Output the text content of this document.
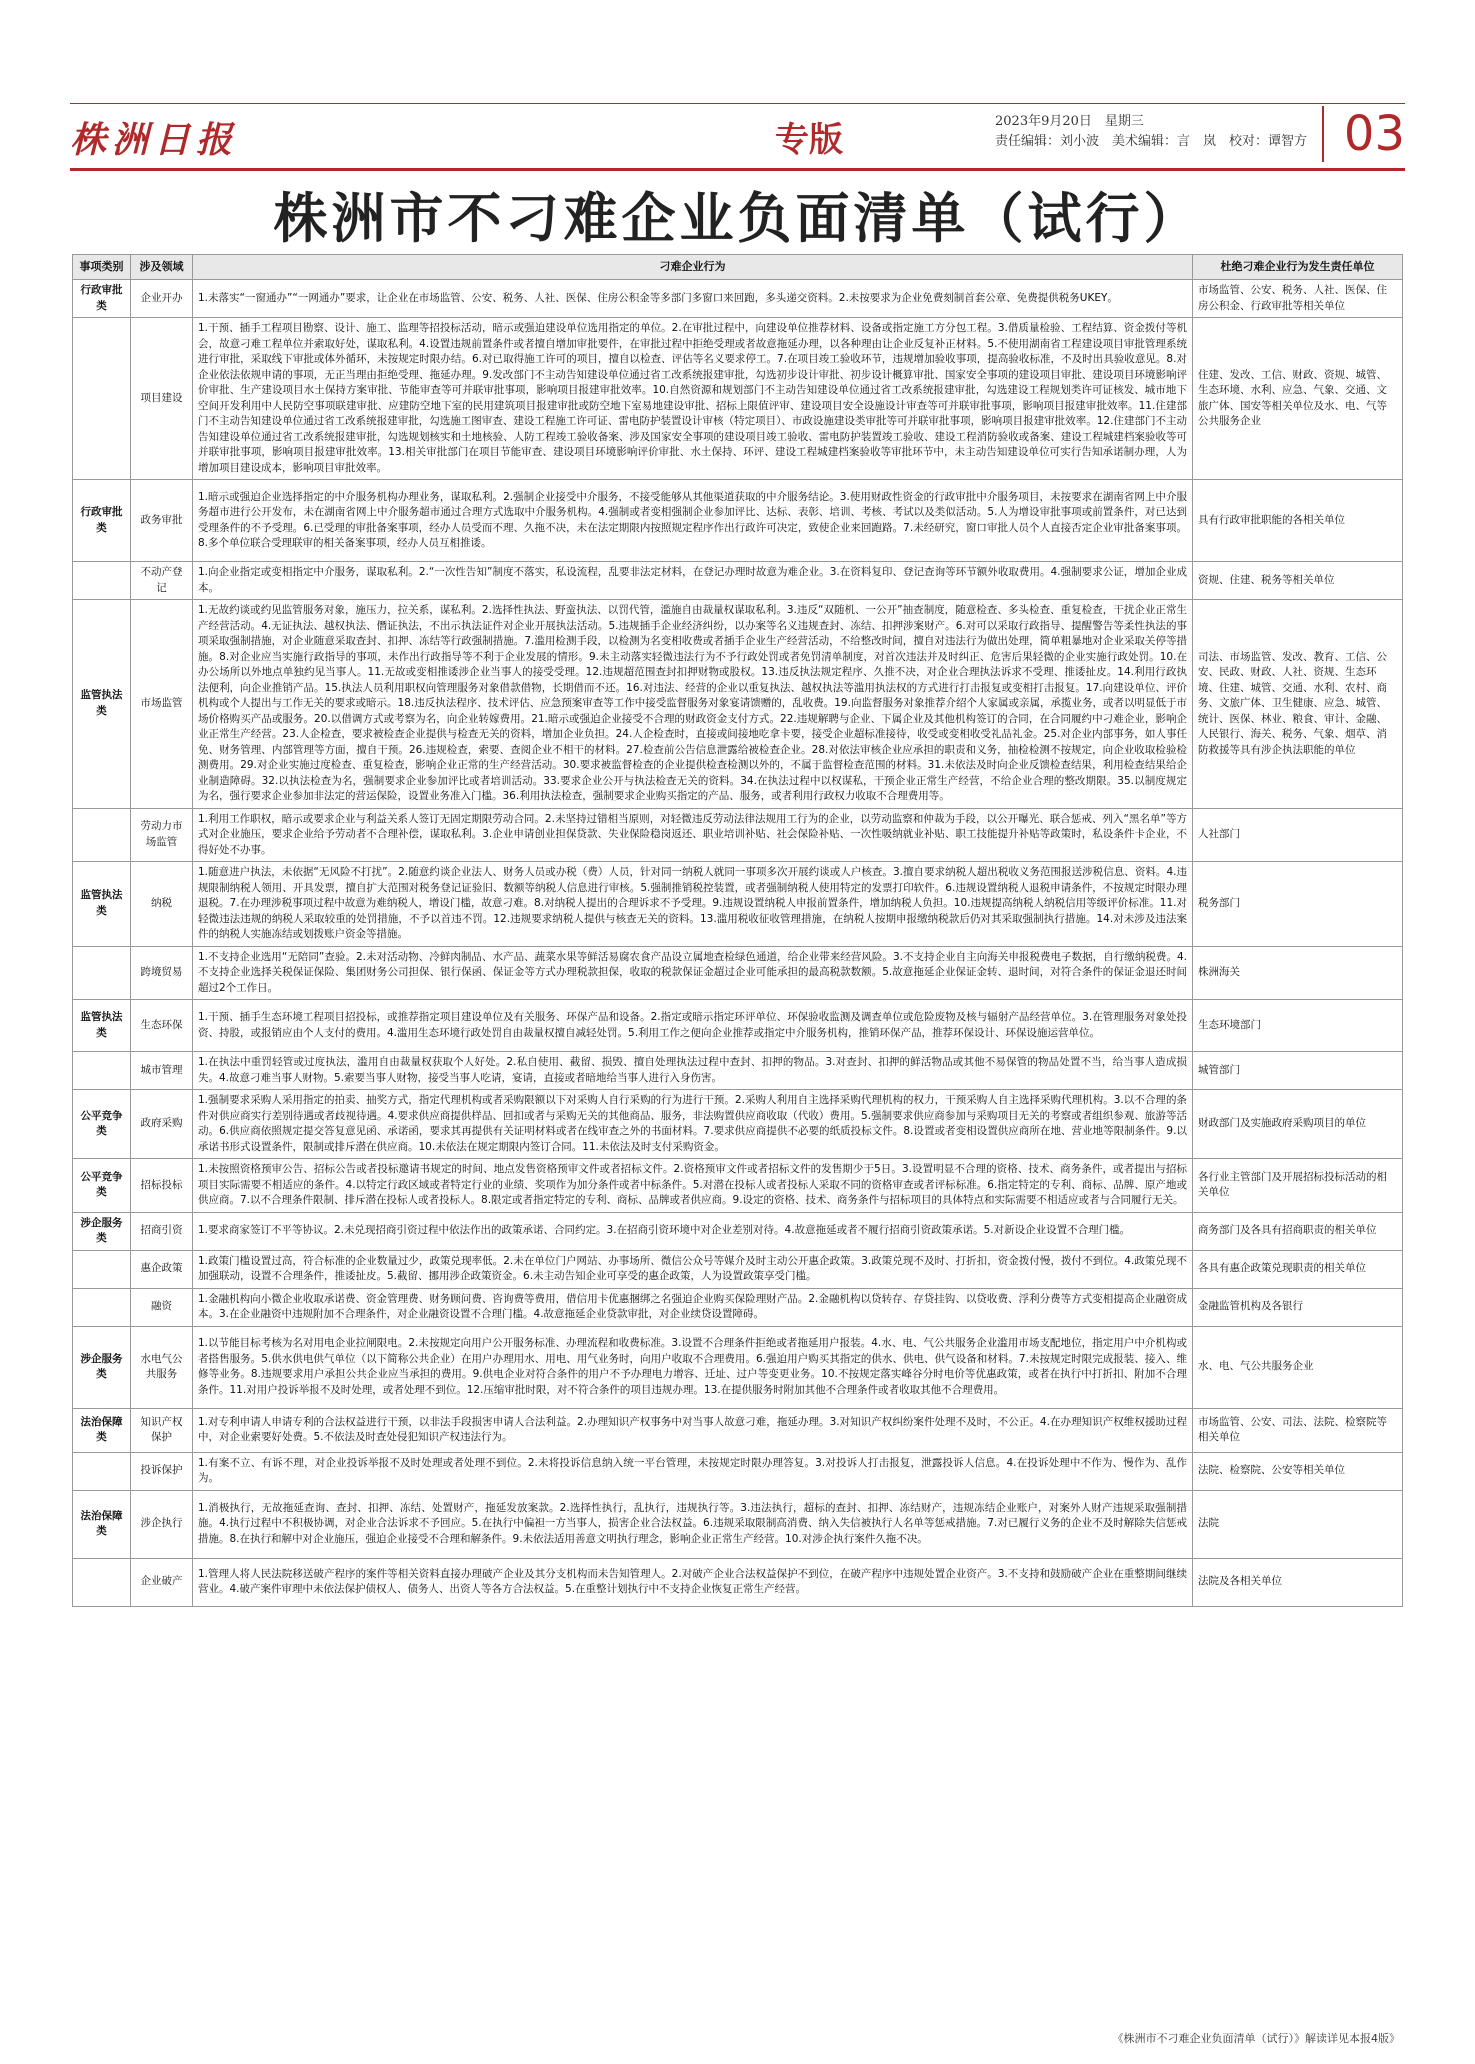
株洲日报	专版	2023年9月20日　星期三
责任编辑：刘小波　美术编辑：言　岚　校对：谭智方 03
株洲市不刁难企业负面清单（试行）
事项类别	涉及领域	刁难企业行为	杜绝刁难企业行为发生责任单位
行政审批类	企业开办	1.未落实“一窗通办”“一网通办”要求，让企业在市场监管、公安、税务、人社、医保、住房公积金等多部门多窗口来回跑，多头递交资料。2.未按要求为企业免费刻制首套公章、免费提供税务UKEY。	市场监管、公安、税务、人社、医保、住房公积金、行政审批等相关单位
	项目建设	1.干预、插手工程项目勘察、设计、施工、监理等招投标活动，暗示或强迫建设单位选用指定的单位。2.在审批过程中，向建设单位推荐材料、设备或指定施工方分包工程。3.借质量检验、工程结算、资金拨付等机会，故意刁难工程单位并索取好处，谋取私利。4.设置违规前置条件或者擅自增加审批要件，在审批过程中拒绝受理或者故意拖延办理，以各种理由让企业反复补正材料。5.不使用湖南省工程建设项目审批管理系统进行审批，采取线下审批或体外循环，未按规定时限办结。6.对已取得施工许可的项目，擅自以检查、评估等名义要求停工。7.在项目竣工验收环节，违规增加验收事项，提高验收标准，不及时出具验收意见。8.对企业依法依规申请的事项，无正当理由拒绝受理、拖延办理。9.发改部门不主动告知建设单位通过省工改系统报建审批，勾选初步设计审批、初步设计概算审批、国家安全事项的建设项目审批、建设项目环境影响评价审批、生产建设项目水土保持方案审批、节能审查等可并联审批事项，影响项目报建审批效率。10.自然资源和规划部门不主动告知建设单位通过省工改系统报建审批，勾选建设工程规划类许可证核发、城市地下空间开发利用中人民防空事项联建审批、应建防空地下室的民用建筑项目报建审批或防空地下室易地建设审批、招标上限值评审、建设项目安全设施设计审查等可并联审批事项，影响项目报建审批效率。11.住建部门不主动告知建设单位通过省工改系统报建审批，勾选施工图审查、建设工程施工许可证、雷电防护装置设计审核（特定项目）、市政设施建设类审批等可并联审批事项，影响项目报建审批效率。12.住建部门不主动告知建设单位通过省工改系统报建审批，勾选规划核实和土地核验、人防工程竣工验收备案、涉及国家安全事项的建设项目竣工验收、雷电防护装置竣工验收、建设工程消防验收或备案、建设工程城建档案验收等可并联审批事项，影响项目报建审批效率。13.相关审批部门在项目节能审查、建设项目环境影响评价审批、水土保持、环评、建设工程城建档案验收等审批环节中，未主动告知建设单位可实行告知承诺制办理，人为增加项目建设成本，影响项目审批效率。	住建、发改、工信、财政、资规、城管、生态环境、水利、应急、气象、交通、文旅广体、国安等相关单位及水、电、气等公共服务企业
行政审批类	政务审批	1.暗示或强迫企业选择指定的中介服务机构办理业务，谋取私利。2.强制企业接受中介服务，不接受能够从其他渠道获取的中介服务结论。3.使用财政性资金的行政审批中介服务项目，未按要求在湖南省网上中介服务超市进行公开发布，未在湖南省网上中介服务超市通过合理方式选取中介服务机构。4.强制或者变相强制企业参加评比、达标、表彰、培训、考核、考试以及类似活动。5.人为增设审批事项或前置条件，对已达到受理条件的不予受理。6.已受理的审批备案事项，经办人员受而不理、久拖不决，未在法定期限内按照规定程序作出行政许可决定，致使企业来回跑路。7.未经研究，窗口审批人员个人直接否定企业审批备案事项。8.多个单位联合受理联审的相关备案事项，经办人员互相推诿。	具有行政审批职能的各相关单位
	不动产登记	1.向企业指定或变相指定中介服务，谋取私利。2.“一次性告知”制度不落实，私设流程，乱要非法定材料，在登记办理时故意为难企业。3.在资料复印、登记查询等环节额外收取费用。4.强制要求公证，增加企业成本。	资规、住建、税务等相关单位
监管执法类	市场监管	1.无故约谈或约见监管服务对象，施压力，拉关系，谋私利。2.选择性执法、野蛮执法、以罚代管，滥施自由裁量权谋取私利。3.违反“双随机、一公开”抽查制度，随意检查、多头检查、重复检查，干扰企业正常生产经营活动。4.无证执法、越权执法、僭证执法，不出示执法证件对企业开展执法活动。5.违规插手企业经济纠纷，以办案等名义违规查封、冻结、扣押涉案财产。6.对可以采取行政指导、提醒警告等柔性执法的事项采取强制措施，对企业随意采取查封、扣押、冻结等行政强制措施。7.滥用检测手段，以检测为名变相收费或者插手企业生产经营活动，不给整改时间，擅自对违法行为做出处理，简单粗暴地对企业采取关停等措施。8.对企业应当实施行政指导的事项，未作出行政指导等不利于企业发展的情形。9.未主动落实轻微违法行为不予行政处罚或者免罚清单制度，对首次违法并及时纠正、危害后果轻微的企业实施行政处罚。10.在办公场所以外地点单独约见当事人。11.无故或变相推诿涉企业当事人的接受受理。12.违规超范围查封扣押财物或股权。13.违反执法规定程序、久推不决，对企业合理执法诉求不受理、推诿扯皮。14.利用行政执法便利，向企业推销产品。15.执法人员利用职权向管理服务对象借款借物，长期借而不还。16.对违法、经营的企业以重复执法、越权执法等滥用执法权的方式进行打击报复或变相打击报复。17.向建设单位、评价机构或个人提出与工作无关的要求或暗示。18.违反执法程序、技术评估、应急预案审查等工作中接受监督服务对象宴请馈赠的，乱收费。19.向监督服务对象推荐介绍个人家属或亲属，承揽业务，或者以明显低于市场价格购买产品或服务。20.以借调方式或考察为名，向企业转嫁费用。21.暗示或强迫企业接受不合理的财政资金支付方式。22.违规解聘与企业、下属企业及其他机构签订的合同，在合同履约中刁难企业，影响企业正常生产经营。23.人企检查，要求被检查企业提供与检查无关的资料，增加企业负担。24.人企检查时，直接或间接地吃拿卡要，接受企业超标准接待，收受或变相收受礼品礼金。25.对企业内部事务，如人事任免、财务管理、内部管理等方面，擅自干预。26.违规检查，索要、查阅企业不相干的材料。27.检查前公告信息泄露给被检查企业。28.对依法审核企业应承担的职责和义务，抽检检测不按规定，向企业收取检验检测费用。29.对企业实施过度检查、重复检查，影响企业正常的生产经营活动。30.要求被监督检查的企业提供检查检测以外的，不属于监督检查范围的材料。31.未依法及时向企业反馈检查结果，利用检查结果给企业制造障碍。32.以执法检查为名，强制要求企业参加评比或者培训活动。33.要求企业公开与执法检查无关的资料。34.在执法过程中以权谋私，干预企业正常生产经营，不给企业合理的整改期限。35.以制度规定为名，强行要求企业参加非法定的营运保险，设置业务准入门槛。36.利用执法检查，强制要求企业购买指定的产品、服务，或者利用行政权力收取不合理费用等。	司法、市场监管、发改、教育、工信、公安、民政、财政、人社、资规、生态环境、住建、城管、交通、水利、农村、商务、文旅广体、卫生健康、应急、城管、统计、医保、林业、粮食、审计、金融、人民银行、海关、税务、气象、烟草、消防救援等具有涉企执法职能的单位
	劳动力市场监管	1.利用工作职权，暗示或要求企业与利益关系人签订无固定期限劳动合同。2.未坚持过错相当原则，对轻微违反劳动法律法规用工行为的企业，以劳动监察和仲裁为手段，以公开曝光、联合惩戒、列入“黑名单”等方式对企业施压，要求企业给予劳动者不合理补偿，谋取私利。3.企业申请创业担保贷款、失业保险稳岗返还、职业培训补贴、社会保险补贴、一次性吸纳就业补贴、职工技能提升补贴等政策时，私设条件卡企业，不得好处不办事。	人社部门
监管执法类	纳税	1.随意进户执法，未依据“无风险不打扰”。2.随意约谈企业法人、财务人员或办税（费）人员，针对同一纳税人就同一事项多次开展约谈或人户核查。3.擅自要求纳税人超出税收义务范围报送涉税信息、资料。4.违规限制纳税人领用、开具发票，擅自扩大范围对税务登记证验旧、数额等纳税人信息进行审核。5.强制推销税控装置，或者强制纳税人使用特定的发票打印软件。6.违规设置纳税人退税申请条件，不按规定时限办理退税。7.在办理涉税事项过程中故意为难纳税人，增设门槛，故意刁难。8.对纳税人提出的合理诉求不予受理。9.违规设置纳税人申报前置条件，增加纳税人负担。10.违规提高纳税人纳税信用等级评价标准。11.对轻微违法违规的纳税人采取较重的处罚措施，不予以首违不罚。12.违规要求纳税人提供与核查无关的资料。13.滥用税收征收管理措施，在纳税人按期申报缴纳税款后仍对其采取强制执行措施。14.对未涉及违法案件的纳税人实施冻结或划拨账户资金等措施。	税务部门
	跨境贸易	1.不支持企业选用“无陪同”查验。2.未对活动物、冷鲜肉制品、水产品、蔬菜水果等鲜活易腐农食产品设立属地查检绿色通道，给企业带来经营风险。3.不支持企业自主向海关申报税费电子数据，自行缴纳税费。4.不支持企业选择关税保证保险、集团财务公司担保、银行保函、保证金等方式办理税款担保，收取的税款保证金超过企业可能承担的最高税款数额。5.故意拖延企业保证金转、退时间，对符合条件的保证金退还时间超过2个工作日。	株洲海关
监管执法类	生态环保	1.干预、插手生态环境工程项目招投标，或推荐指定项目建设单位及有关服务、环保产品和设备。2.指定或暗示指定环评单位、环保验收监测及调查单位或危险废物及核与辐射产品经营单位。3.在管理服务对象处投资、持股，或报销应由个人支付的费用。4.滥用生态环境行政处罚自由裁量权擅自减轻处罚。5.利用工作之便向企业推荐或指定中介服务机构，推销环保产品，推荐环保设计、环保设施运营单位。	生态环境部门
	城市管理	1.在执法中重罚轻管或过度执法，滥用自由裁量权获取个人好处。2.私自使用、截留、损毁、擅自处理执法过程中查封、扣押的物品。3.对查封、扣押的鲜活物品或其他不易保管的物品处置不当，给当事人造成损失。4.故意刁难当事人财物。5.索要当事人财物，接受当事人吃请，宴请，直接或者暗地给当事人进行入身伤害。	城管部门
公平竞争类	政府采购	1.强制要求采购人采用指定的拍卖、抽奖方式，指定代理机构或者采购限额以下对采购人自行采购的行为进行干预。2.采购人利用自主选择采购代理机构的权力，干预采购人自主选择采购代理机构。3.以不合理的条件对供应商实行差别待遇或者歧视待遇。4.要求供应商提供样品、回扣或者与采购无关的其他商品、服务，非法购置供应商收取（代收）费用。5.强制要求供应商参加与采购项目无关的考察或者组织参观、旅游等活动。6.供应商依照规定提交答复意见函、承诺函，要求其再提供有关证明材料或者在线审查之外的书面材料。7.要求供应商提供不必要的纸质投标文件。8.设置或者变相设置供应商所在地、营业地等限制条件。9.以承诺书形式设置条件，限制或排斥潜在供应商。10.未依法在规定期限内签订合同。11.未依法及时支付采购资金。	财政部门及实施政府采购项目的单位
公平竞争类	招标投标	1.未按照资格预审公告、招标公告或者投标邀请书规定的时间、地点发售资格预审文件或者招标文件。2.资格预审文件或者招标文件的发售期少于5日。3.设置明显不合理的资格、技术、商务条件，或者提出与招标项目实际需要不相适应的条件。4.以特定行政区域或者特定行业的业绩、奖项作为加分条件或者中标条件。5.对潜在投标人或者投标人采取不同的资格审查或者评标标准。6.指定特定的专利、商标、品牌、原产地或供应商。7.以不合理条件限制、排斥潜在投标人或者投标人。8.限定或者指定特定的专利、商标、品牌或者供应商。9.设定的资格、技术、商务条件与招标项目的具体特点和实际需要不相适应或者与合同履行无关。	各行业主管部门及开展招标投标活动的相关单位
涉企服务类	招商引资	1.要求商家签订不平等协议。2.未兑现招商引资过程中依法作出的政策承诺、合同约定。3.在招商引资环境中对企业差别对待。4.故意拖延或者不履行招商引资政策承诺。5.对新设企业设置不合理门槛。	商务部门及各具有招商职责的相关单位
	惠企政策	1.政策门槛设置过高，符合标准的企业数量过少，政策兑现率低。2.未在单位门户网站、办事场所、微信公众号等媒介及时主动公开惠企政策。3.政策兑现不及时、打折扣，资金拨付慢，拨付不到位。4.政策兑现不加强联动，设置不合理条件，推诿扯皮。5.截留、挪用涉企政策资金。6.未主动告知企业可享受的惠企政策，人为设置政策享受门槛。	各具有惠企政策兑现职责的相关单位
	融资	1.金融机构向小微企业收取承诺费、资金管理费、财务顾问费、咨询费等费用，借信用卡优惠捆绑之名强迫企业购买保险理财产品。2.金融机构以贷转存、存贷挂钩、以贷收费、浮利分费等方式变相提高企业融资成本。3.在企业融资中违规附加不合理条件，对企业融资设置不合理门槛。4.故意拖延企业贷款审批，对企业续贷设置障碍。	金融监管机构及各银行
涉企服务类	水电气公共服务	1.以节能目标考核为名对用电企业拉闸限电。2.未按规定向用户公开服务标准、办理流程和收费标准。3.设置不合理条件拒绝或者拖延用户报装。4.水、电、气公共服务企业滥用市场支配地位，指定用户中介机构或者搭售服务。5.供水供电供气单位（以下简称公共企业）在用户办理用水、用电、用气业务时，向用户收取不合理费用。6.强迫用户购买其指定的供水、供电、供气设备和材料。7.未按规定时限完成报装、接入、维修等业务。8.违规要求用户承担公共企业应当承担的费用。9.供电企业对符合条件的用户不予办理电力增容、迁址、过户等变更业务。10.不按规定落实峰谷分时电价等优惠政策，或者在执行中打折扣、附加不合理条件。11.对用户投诉举报不及时处理，或者处理不到位。12.压缩审批时限，对不符合条件的项目违规办理。13.在提供服务时附加其他不合理条件或者收取其他不合理费用。	水、电、气公共服务企业
法治保障类	知识产权保护	1.对专利申请人申请专利的合法权益进行干预，以非法手段损害申请人合法利益。2.办理知识产权事务中对当事人故意刁难，拖延办理。3.对知识产权纠纷案件处理不及时，不公正。4.在办理知识产权维权援助过程中，对企业索要好处费。5.不依法及时查处侵犯知识产权违法行为。	市场监管、公安、司法、法院、检察院等相关单位
	投诉保护	1.有案不立、有诉不理，对企业投诉举报不及时处理或者处理不到位。2.未将投诉信息纳入统一平台管理，未按规定时限办理答复。3.对投诉人打击报复，泄露投诉人信息。4.在投诉处理中不作为、慢作为、乱作为。	法院、检察院、公安等相关单位
法治保障类	涉企执行	1.消极执行，无故拖延查询、查封、扣押、冻结、处置财产，拖延发放案款。2.选择性执行，乱执行，违规执行等。3.违法执行，超标的查封、扣押、冻结财产，违规冻结企业账户，对案外人财产违规采取强制措施。4.执行过程中不积极协调，对企业合法诉求不予回应。5.在执行中偏袒一方当事人，损害企业合法权益。6.违规采取限制高消费、纳入失信被执行人名单等惩戒措施。7.对已履行义务的企业不及时解除失信惩戒措施。8.在执行和解中对企业施压，强迫企业接受不合理和解条件。9.未依法适用善意文明执行理念，影响企业正常生产经营。10.对涉企执行案件久拖不决。	法院
	企业破产	1.管理人将人民法院移送破产程序的案件等相关资料直接办理破产企业及其分支机构而未告知管理人。2.对破产企业合法权益保护不到位，在破产程序中违规处置企业资产。3.不支持和鼓励破产企业在重整期间继续营业。4.破产案件审理中未依法保护债权人、债务人、出资人等各方合法权益。5.在重整计划执行中不支持企业恢复正常生产经营。	法院及各相关单位
《株洲市不刁难企业负面清单（试行）》解读详见本报4版》
